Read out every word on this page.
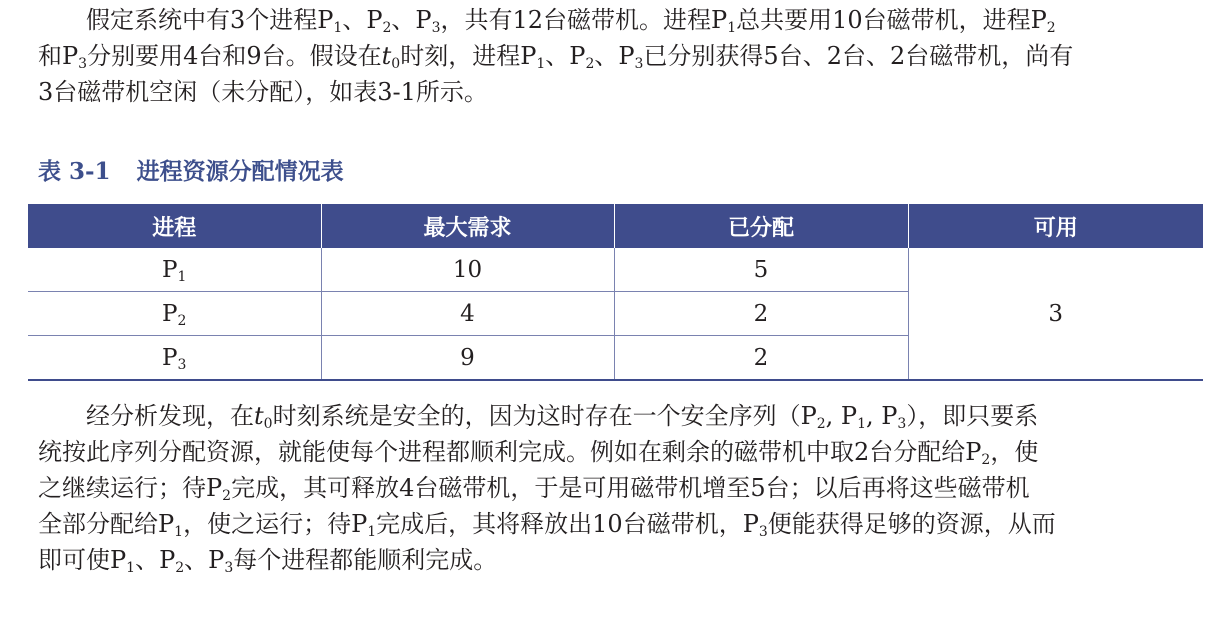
假定系统中有3个进程$P_1$、$P_2$、$P_3$，共有12台磁带机。进程$P_1$总共要用10台磁带机，进程$P_2$
和$P_3$分别要用4台和9台。假设在$t_0$时刻，进程$P_1$、$P_2$、$P_3$已分别获得5台、2台、2台磁带机，尚有
3台磁带机空闲（未分配），如表3-1所示。
表 3-1 进程资源分配情况表
进程	最大需求	已分配	可用
$P_1$	10	5	3
$P_2$	4	2	
$P_3$	9	2	
经分析发现，在$t_0$时刻系统是安全的，因为这时存在一个安全序列（$P_2$, $P_1$, $P_3$），即只要系
统按此序列分配资源，就能使每个进程都顺利完成。例如在剩余的磁带机中取2台分配给$P_2$，使
之继续运行；待$P_2$完成，其可释放4台磁带机，于是可用磁带机增至5台；以后再将这些磁带机
全部分配给$P_1$，使之运行；待$P_1$完成后，其将释放出10台磁带机，$P_3$便能获得足够的资源，从而
即可使$P_1$、$P_2$、$P_3$每个进程都能顺利完成。
